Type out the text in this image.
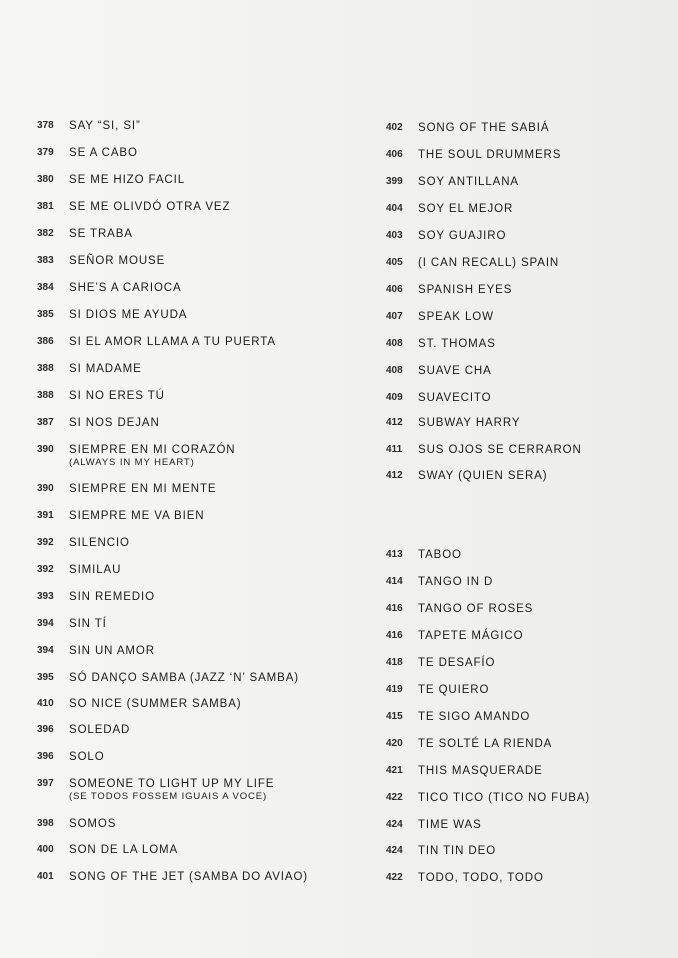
378	SAY “SI, SI”
379	SE A CABO
380	SE ME HIZO FACIL
381	SE ME OLIVDÓ OTRA VEZ
382	SE TRABA
383	SEÑOR MOUSE
384	SHE’S A CARIOCA
385	SI DIOS ME AYUDA
386	SI EL AMOR LLAMA A TU PUERTA
388	SI MADAME
388	SI NO ERES TÚ
387	SI NOS DEJAN
390	SIEMPRE EN MI CORAZÓN
(ALWAYS IN MY HEART)
390	SIEMPRE EN MI MENTE
391	SIEMPRE ME VA BIEN
392	SILENCIO
392	SIMILAU
393	SIN REMEDIO
394	SIN TÍ
394	SIN UN AMOR
395	SÓ DANÇO SAMBA (JAZZ ‘N’ SAMBA)
410	SO NICE (SUMMER SAMBA)
396	SOLEDAD
396	SOLO
397	SOMEONE TO LIGHT UP MY LIFE
(SE TODOS FOSSEM IGUAIS A VOCE)
398	SOMOS
400	SON DE LA LOMA
401	SONG OF THE JET (SAMBA DO AVIAO)
402	SONG OF THE SABIÁ
406	THE SOUL DRUMMERS
399	SOY ANTILLANA
404	SOY EL MEJOR
403	SOY GUAJIRO
405	(I CAN RECALL) SPAIN
406	SPANISH EYES
407	SPEAK LOW
408	ST. THOMAS
408	SUAVE CHA
409	SUAVECITO
412	SUBWAY HARRY
411	SUS OJOS SE CERRARON
412	SWAY (QUIEN SERA)
413	TABOO
414	TANGO IN D
416	TANGO OF ROSES
416	TAPETE MÁGICO
418	TE DESAFÍO
419	TE QUIERO
415	TE SIGO AMANDO
420	TE SOLTÉ LA RIENDA
421	THIS MASQUERADE
422	TICO TICO (TICO NO FUBA)
424	TIME WAS
424	TIN TIN DEO
422	TODO, TODO, TODO
